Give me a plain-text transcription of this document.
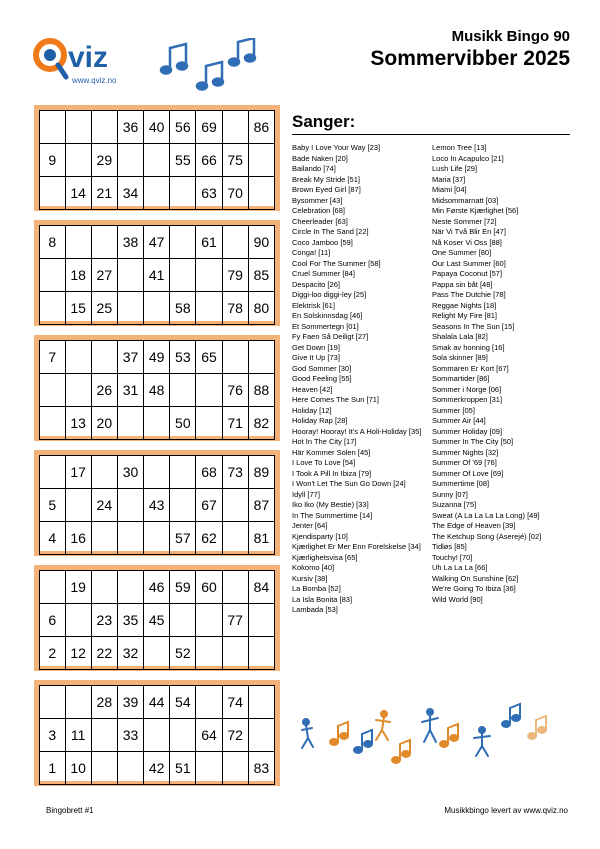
viz
www.qviz.no
Musikk Bingo 90
Sommervibber 2025
			36	40	56	69		86
9		29			55	66	75	
	14	21	34			63	70	
8			38	47		61		90
	18	27		41			79	85
	15	25			58		78	80
7			37	49	53	65		
		26	31	48			76	88
	13	20			50		71	82
	17		30			68	73	89
5		24		43		67		87
4	16				57	62		81
	19			46	59	60		84
6		23	35	45			77	
2	12	22	32		52			
		28	39	44	54		74	
3	11		33			64	72	
1	10			42	51			83
Sanger:
Baby I Love Your Way [23]
Bade Naken [20]
Bailando [74]
Break My Stride [51]
Brown Eyed Girl [87]
Bysommer [43]
Celebration [68]
Cheerleader [63]
Circle In The Sand [22]
Coco Jamboo [59]
Conga! [11]
Cool For The Summer [58]
Cruel Summer [84]
Despacito [26]
Diggi-loo diggi-ley [25]
Elektrisk [61]
En Solskinnsdag [46]
Et Sommertegn [01]
Fy Faen Så Deiligt [27]
Get Down [19]
Give It Up [73]
God Sommer [30]
Good Feeling [55]
Heaven [42]
Here Comes The Sun [71]
Holiday [12]
Holiday Rap [28]
Hooray! Hooray! It's A Holi-Holiday [35]
Hot In The City [17]
Här Kommer Solen [45]
I Love To Love [54]
I Took A Pill In Ibiza [79]
I Won't Let The Sun Go Down [24]
Idyll [77]
Iko Iko (My Bestie) [33]
In The Summertime [14]
Jenter [64]
Kjendisparty [10]
Kjærlighet Er Mer Enn Forelskelse [34]
Kjærlighetsvisa [65]
Kokomo [40]
Kursiv [38]
La Bomba [52]
La Isla Bonita [83]
Lambada [53]
Lemon Tree [13]
Loco In Acapulco [21]
Lush Life [29]
Maria [37]
Miami [04]
Midsommarnatt [03]
Min Første Kjærlighet [56]
Neste Sommer [72]
När Vi Två Blir En [47]
Nå Koser Vi Oss [88]
One Summer [80]
Our Last Summer [60]
Papaya Coconut [57]
Pappa sin båt [48]
Pass The Dutchie [78]
Reggae Nights [18]
Relight My Fire [81]
Seasons In The Sun [15]
Shalala Lala [82]
Smak av honning [16]
Sola skinner [89]
Sommaren Er Kort [67]
Sommartider [86]
Sommer i Norge [06]
Sommerkroppen [31]
Summer [05]
Summer Air [44]
Summer Holiday [09]
Summer In The City [50]
Summer Nights [32]
Summer Of '69 [76]
Summer Of Love [69]
Summertime [08]
Sunny [07]
Suzanna [75]
Sweat (A La La La La Long) [49]
The Edge of Heaven [39]
The Ketchup Song (Aserejé) [02]
Tidløs [85]
Touchy! [70]
Uh La La La [66]
Walking On Sunshine [62]
We're Going To Ibiza [36]
Wild World [90]
Bingobrett #1	Musikkbingo levert av www.qviz.no
